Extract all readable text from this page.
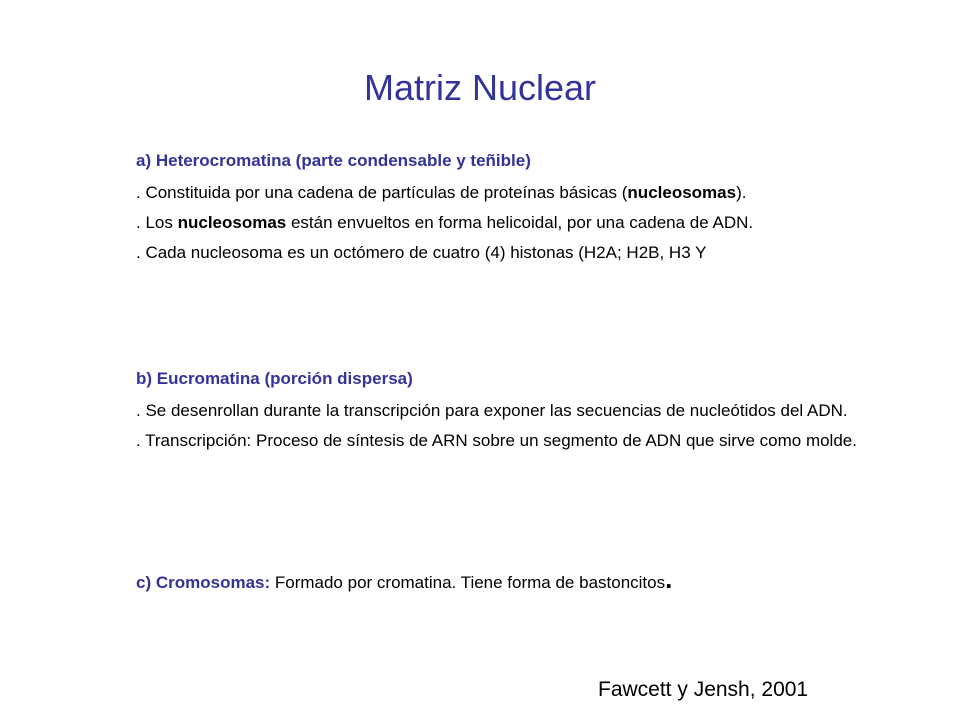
Matriz Nuclear

a) Heterocromatina (parte condensable y teñible)

. Constituida por una cadena de partículas de proteínas básicas (nucleosomas).

. Los nucleosomas están envueltos en forma helicoidal, por una cadena de ADN.

. Cada nucleosoma es un octómero de cuatro (4) histonas (H2A; H2B, H3 Y

b) Eucromatina (porción dispersa)

. Se desenrollan durante la transcripción para exponer las secuencias de nucleótidos del ADN.

. Transcripción: Proceso de síntesis de ARN sobre un segmento de ADN que sirve como molde.

c) Cromosomas: Formado por cromatina. Tiene forma de bastoncitos.

Fawcett y Jensh, 2001
